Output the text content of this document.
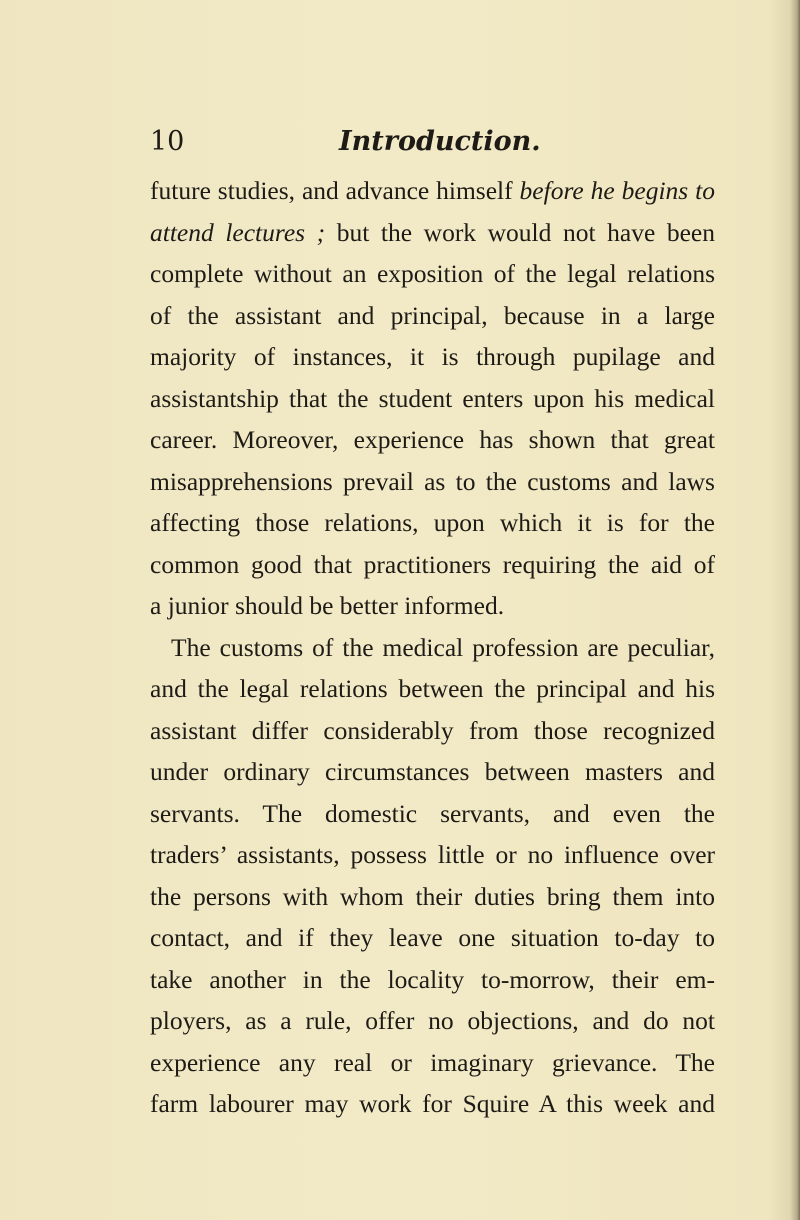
10	Introduction.
future studies, and advance himself before he begins to
attend lectures ; but the work would not have been
complete without an exposition of the legal relations
of the assistant and principal, because in a large
majority of instances, it is through pupilage and
assistantship that the student enters upon his medical
career. Moreover, experience has shown that great
misapprehensions prevail as to the customs and laws
affecting those relations, upon which it is for the
common good that practitioners requiring the aid of
a junior should be better informed.
The customs of the medical profession are peculiar,
and the legal relations between the principal and his
assistant differ considerably from those recognized
under ordinary circumstances between masters and
servants. The domestic servants, and even the
traders’ assistants, possess little or no influence over
the persons with whom their duties bring them into
contact, and if they leave one situation to-day to
take another in the locality to-morrow, their em-
ployers, as a rule, offer no objections, and do not
experience any real or imaginary grievance. The
farm labourer may work for Squire A this week and
